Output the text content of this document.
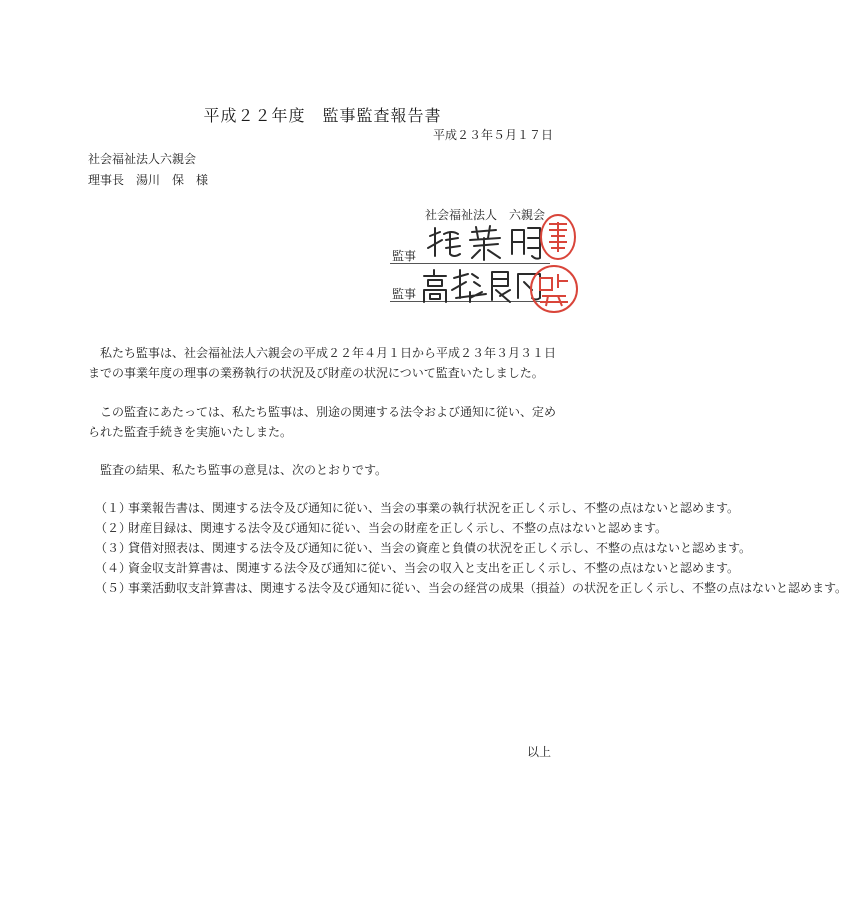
平成２２年度　監事監査報告書
平成２３年５月１７日
社会福祉法人六親会
理事長　湯川　保　様
社会福祉法人　六親会
監事
監事
私たち監事は、社会福祉法人六親会の平成２２年４月１日から平成２３年３月３１日までの事業年度の理事の業務執行の状況及び財産の状況について監査いたしました。
この監査にあたっては、私たち監事は、別途の関連する法令および通知に従い、定められた監査手続きを実施いたしまた。
監査の結果、私たち監事の意見は、次のとおりです。
（１）
事業報告書は、関連する法令及び通知に従い、当会の事業の執行状況を正しく示し、不整の点はないと認めます。
（２）
財産目録は、関連する法令及び通知に従い、当会の財産を正しく示し、不整の点はないと認めます。
（３）
貸借対照表は、関連する法令及び通知に従い、当会の資産と負債の状況を正しく示し、不整の点はないと認めます。
（４）
資金収支計算書は、関連する法令及び通知に従い、当会の収入と支出を正しく示し、不整の点はないと認めます。
（５）
事業活動収支計算書は、関連する法令及び通知に従い、当会の経営の成果（損益）の状況を正しく示し、不整の点はないと認めます。
以上
